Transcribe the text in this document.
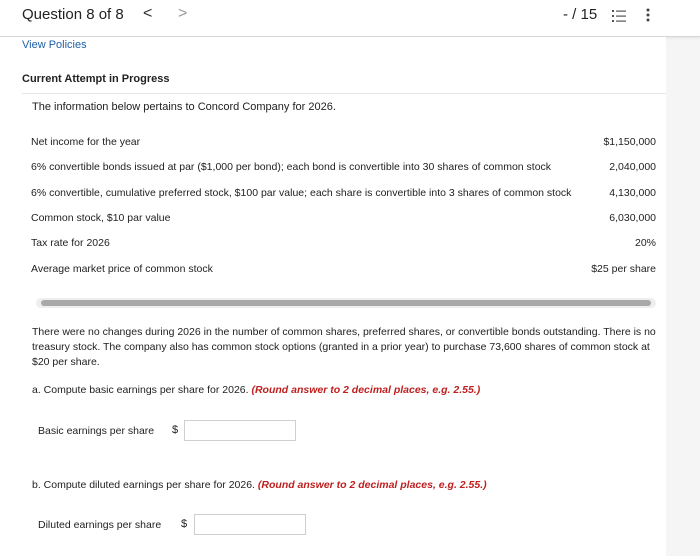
Question 8 of 8 < >	- / 15
View Policies
Current Attempt in Progress
The information below pertains to Concord Company for 2026.
Net income for the year	$1,150,000
6% convertible bonds issued at par ($1,000 per bond); each bond is convertible into 30 shares of common stock	2,040,000
6% convertible, cumulative preferred stock, $100 par value; each share is convertible into 3 shares of common stock	4,130,000
Common stock, $10 par value	6,030,000
Tax rate for 2026	20%
Average market price of common stock	$25 per share
There were no changes during 2026 in the number of common shares, preferred shares, or convertible bonds outstanding. There is no treasury stock. The company also has common stock options (granted in a prior year) to purchase 73,600 shares of common stock at $20 per share.
a. Compute basic earnings per share for 2026. (Round answer to 2 decimal places, e.g. 2.55.)
Basic earnings per share $
b. Compute diluted earnings per share for 2026. (Round answer to 2 decimal places, e.g. 2.55.)
Diluted earnings per share $
